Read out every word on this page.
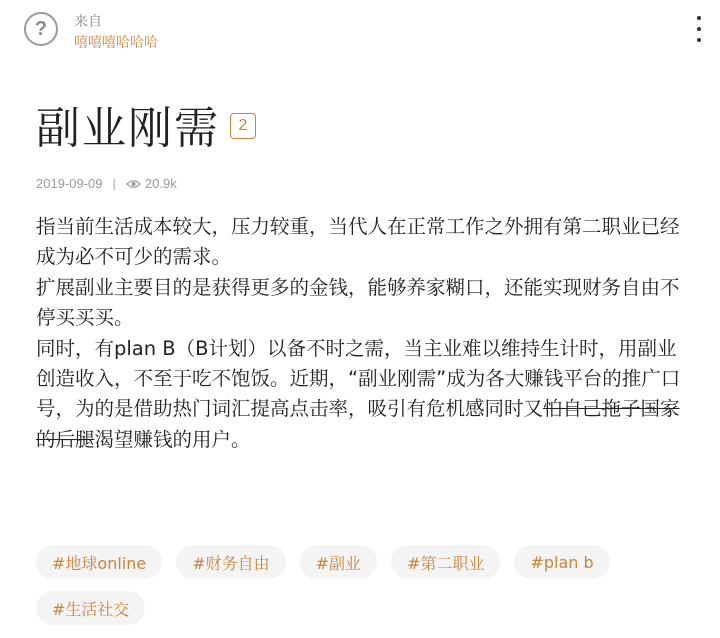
?	来自
嘻嘻嘻哈哈哈
副业刚需	2
2019-09-09 | 20.9k

指当前生活成本较大，压力较重，当代人在正常工作之外拥有第二职业已经成为必不可少的需求。

扩展副业主要目的是获得更多的金钱，能够养家糊口，还能实现财务自由不停买买买。

同时，有plan B（B计划）以备不时之需，当主业难以维持生计时，用副业创造收入，不至于吃不饱饭。近期，“副业刚需”成为各大赚钱平台的推广口号，为的是借助热门词汇提高点击率，吸引有危机感同时又怕自己拖子国家的后腿渴望赚钱的用户。

#地球online	#财务自由	#副业	#第二职业	#plan b
#生活社交
